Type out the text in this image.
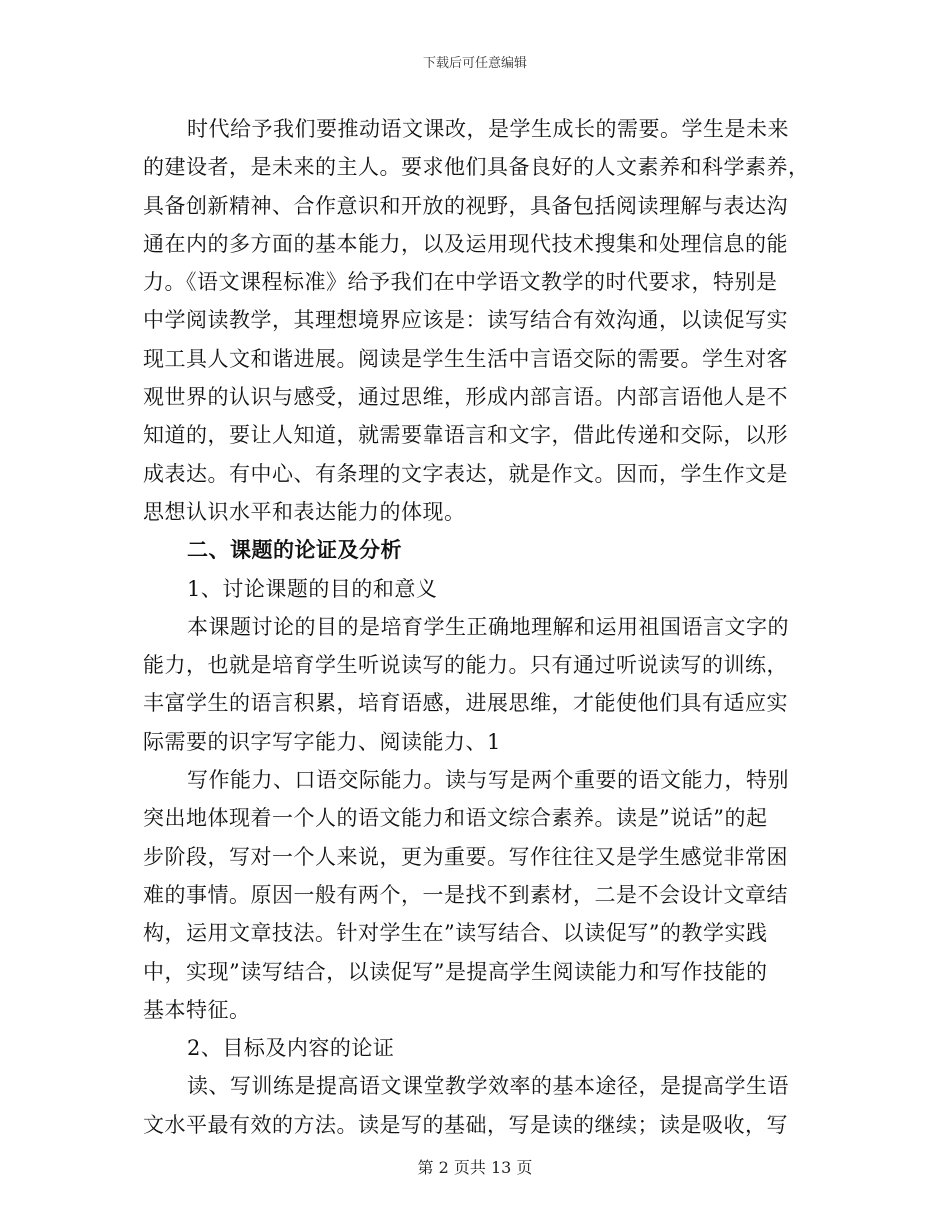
下载后可任意编辑
时代给予我们要推动语文课改，是学生成长的需要。学生是未来
的建设者，是未来的主人。要求他们具备良好的人文素养和科学素养，
具备创新精神、合作意识和开放的视野，具备包括阅读理解与表达沟
通在内的多方面的基本能力，以及运用现代技术搜集和处理信息的能
力。《语文课程标准》给予我们在中学语文教学的时代要求，特别是
中学阅读教学，其理想境界应该是：读写结合有效沟通，以读促写实
现工具人文和谐进展。阅读是学生生活中言语交际的需要。学生对客
观世界的认识与感受，通过思维，形成内部言语。内部言语他人是不
知道的，要让人知道，就需要靠语言和文字，借此传递和交际，以形
成表达。有中心、有条理的文字表达，就是作文。因而，学生作文是
思想认识水平和表达能力的体现。
二、课题的论证及分析
1、讨论课题的目的和意义
本课题讨论的目的是培育学生正确地理解和运用祖国语言文字的
能力，也就是培育学生听说读写的能力。只有通过听说读写的训练，
丰富学生的语言积累，培育语感，进展思维，才能使他们具有适应实
际需要的识字写字能力、阅读能力、1
写作能力、口语交际能力。读与写是两个重要的语文能力，特别
突出地体现着一个人的语文能力和语文综合素养。读是”说话”的起
步阶段，写对一个人来说，更为重要。写作往往又是学生感觉非常困
难的事情。原因一般有两个，一是找不到素材，二是不会设计文章结
构，运用文章技法。针对学生在”读写结合、以读促写”的教学实践
中，实现”读写结合，以读促写”是提高学生阅读能力和写作技能的
基本特征。
2、目标及内容的论证
读、写训练是提高语文课堂教学效率的基本途径，是提高学生语
文水平最有效的方法。读是写的基础，写是读的继续；读是吸收，写
第 2 页共 13 页
